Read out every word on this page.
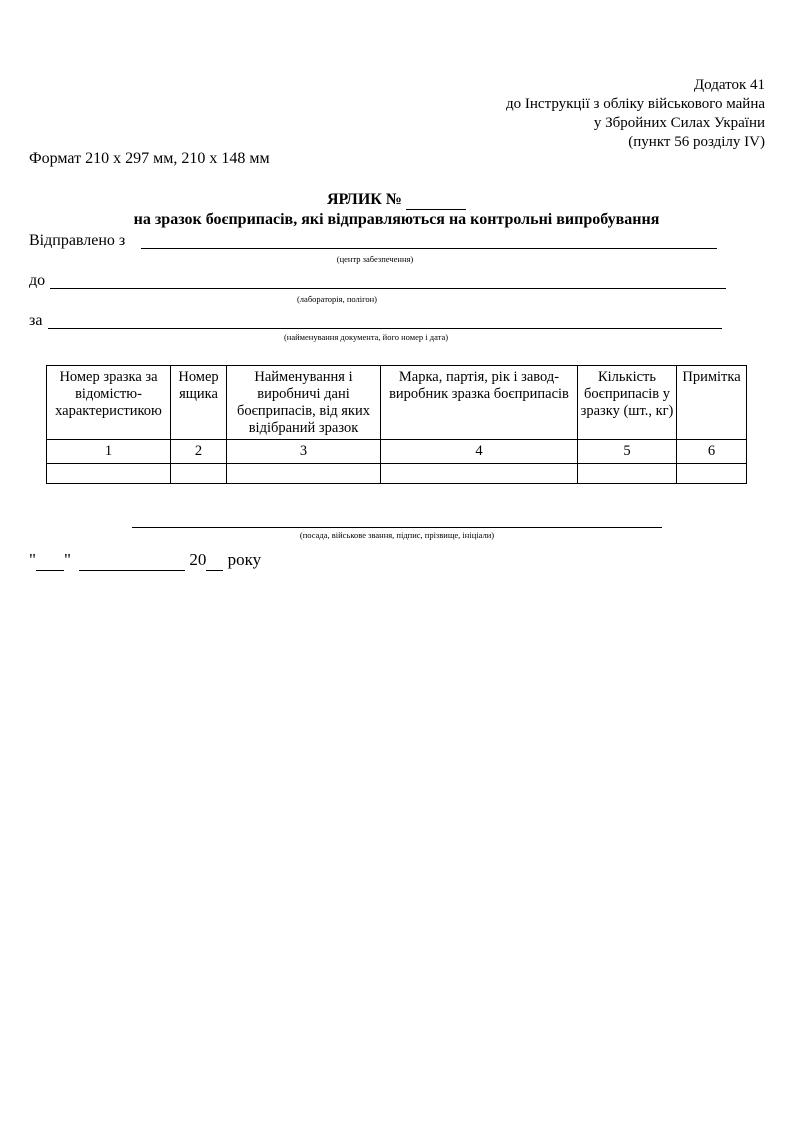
Додаток 41
до Інструкції з обліку військового майна
у Збройних Силах України
(пункт 56 розділу IV)
Формат 210 х 297 мм, 210 х 148 мм
ЯРЛИК №
на зразок боєприпасів, які відправляються на контрольні випробування
Відправлено з
(центр забезпечення)
до
(лабораторія, полігон)
за
(найменування документа, його номер і дата)
Номер зразка за відомістю-характеристикою	Номер ящика	Найменування і виробничі дані боєприпасів, від яких відібраний зразок	Марка, партія, рік і завод-виробник зразка боєприпасів	Кількість боєприпасів у зразку (шт., кг)	Примітка
1	2	3	4	5	6

(посада, військове звання, підпис, прізвище, ініціали)
" "	20 року
